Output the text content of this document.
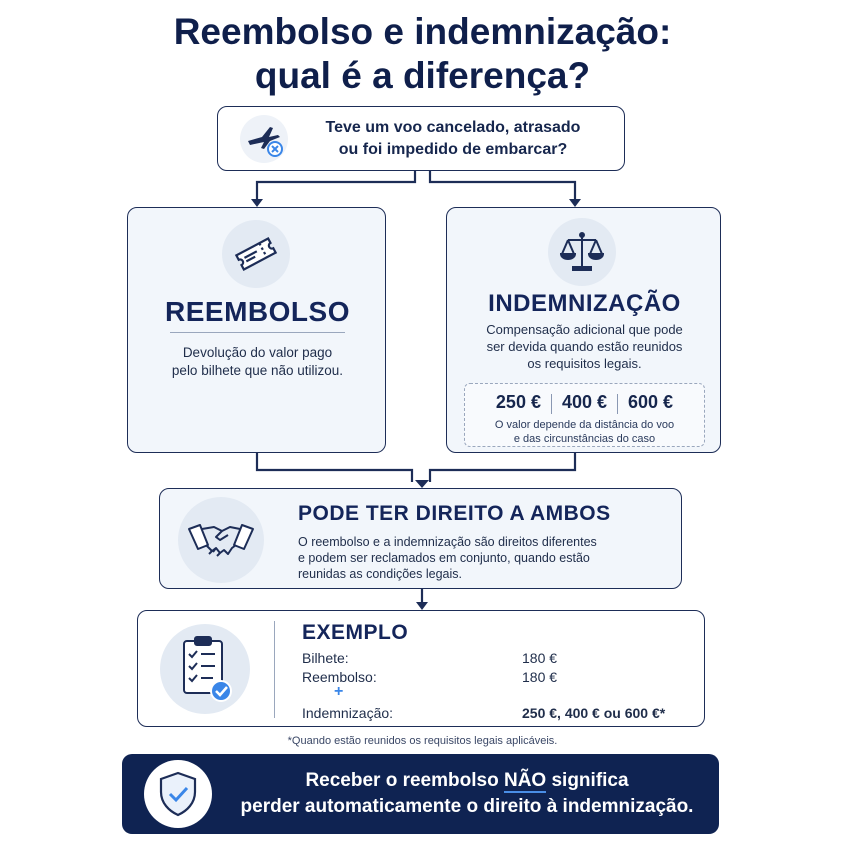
Reembolso e indemnização:
qual é a diferença?
Teve um voo cancelado, atrasado
ou foi impedido de embarcar?
REEMBOLSO
Devolução do valor pago
pelo bilhete que não utilizou.
INDEMNIZAÇÃO
Compensação adicional que pode
ser devida quando estão reunidos
os requisitos legais.
250 €	400 €	600 €
O valor depende da distância do voo
e das circunstâncias do caso
PODE TER DIREITO A AMBOS
O reembolso e a indemnização são direitos diferentes
e podem ser reclamados em conjunto, quando estão
reunidas as condições legais.
EXEMPLO
Bilhete:	180 €
Reembolso:	180 €
+
Indemnização:	250 €, 400 € ou 600 €*
*Quando estão reunidos os requisitos legais aplicáveis.
Receber o reembolso NÃO significa
perder automaticamente o direito à indemnização.
